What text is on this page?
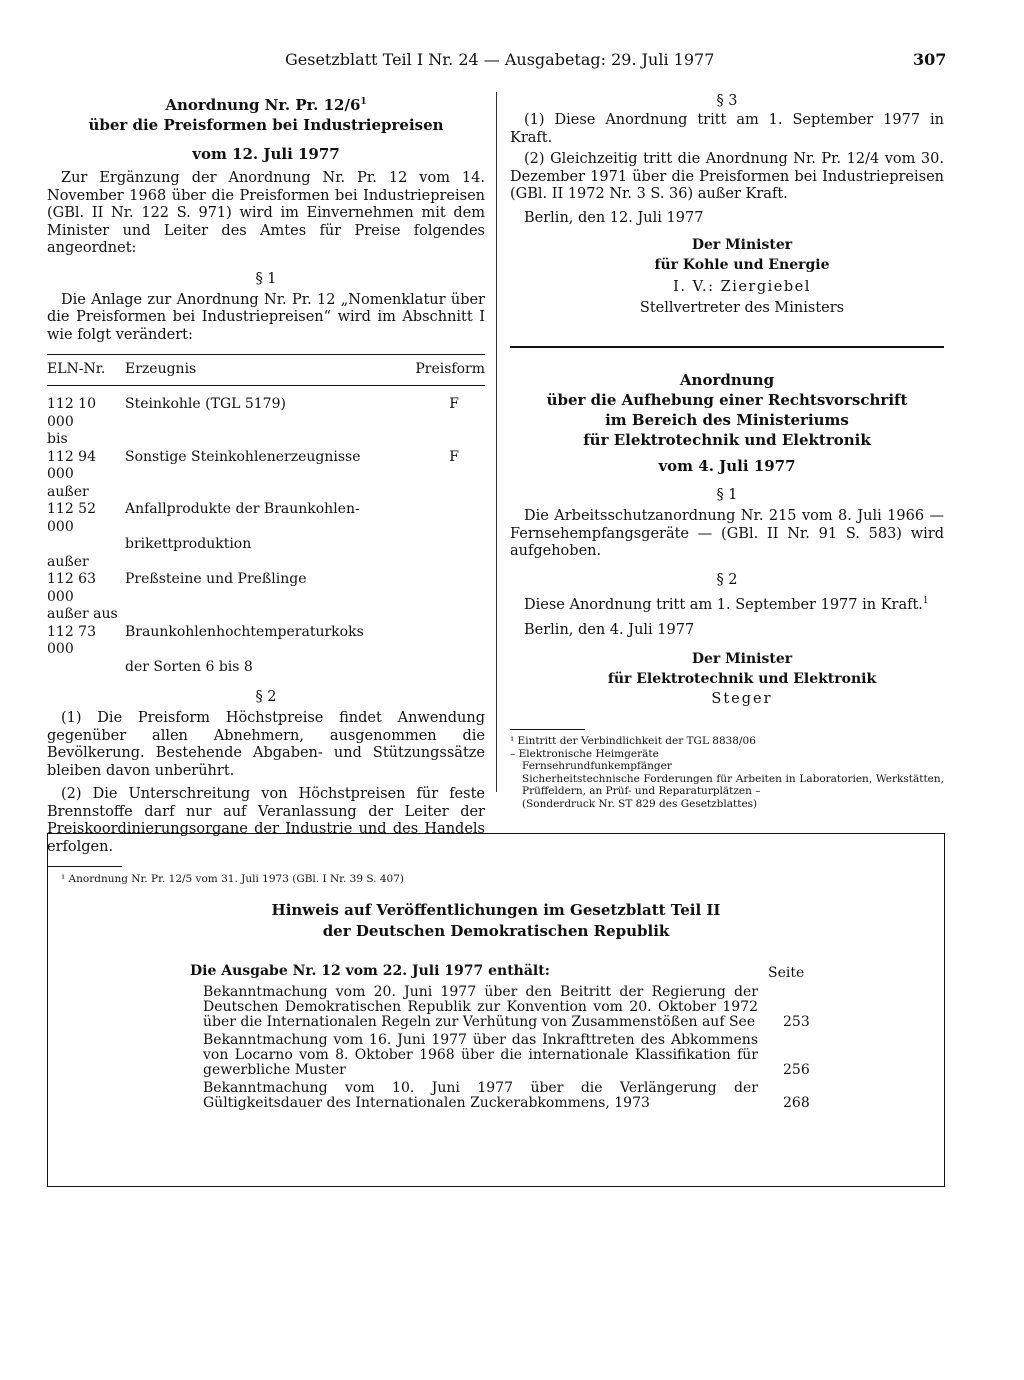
Gesetzblatt Teil I Nr. 24 — Ausgabetag: 29. Juli 1977	307
Anordnung Nr. Pr. $12/6^1$
über die Preisformen bei Industriepreisen
vom 12. Juli 1977

Zur Ergänzung der Anordnung Nr. Pr. 12 vom 14. November 1968 über die Preisformen bei Industriepreisen (GBl. II Nr. 122 S. 971) wird im Einvernehmen mit dem Minister und Leiter des Amtes für Preise folgendes angeordnet:

§ 1

Die Anlage zur Anordnung Nr. Pr. 12 „Nomenklatur über die Preisformen bei Industriepreisen“ wird im Abschnitt I wie folgt verändert:

ELN-Nr.	Erzeugnis	Preisform
112 10 000	Steinkohle (TGL 5179)	F
bis		
112 94 000	Sonstige Steinkohlenerzeugnisse	F
außer		
112 52 000	Anfallprodukte der Braunkohlen-	
	brikettproduktion	
außer		
112 63 000	Preßsteine und Preßlinge	
außer aus		
112 73 000	Braunkohlenhochtemperaturkoks	
	der Sorten 6 bis 8	
§ 2

(1) Die Preisform Höchstpreise findet Anwendung gegenüber allen Abnehmern, ausgenommen die Bevölkerung. Bestehende Abgaben- und Stützungssätze bleiben davon unberührt.

(2) Die Unterschreitung von Höchstpreisen für feste Brennstoffe darf nur auf Veranlassung der Leiter der Preiskoordinierungsorgane der Industrie und des Handels erfolgen.

¹ Anordnung Nr. Pr. 12/5 vom 31. Juli 1973 (GBl. I Nr. 39 S. 407)
§ 3

(1) Diese Anordnung tritt am 1. September 1977 in Kraft.

(2) Gleichzeitig tritt die Anordnung Nr. Pr. 12/4 vom 30. Dezember 1971 über die Preisformen bei Industriepreisen (GBl. II 1972 Nr. 3 S. 36) außer Kraft.

Berlin, den 12. Juli 1977

Der Minister
für Kohle und Energie
I. V.: Ziergiebel
Stellvertreter des Ministers
Anordnung
über die Aufhebung einer Rechtsvorschrift
im Bereich des Ministeriums
für Elektrotechnik und Elektronik
vom 4. Juli 1977
§ 1

Die Arbeitsschutzanordnung Nr. 215 vom 8. Juli 1966 — Fernsehempfangsgeräte — (GBl. II Nr. 91 S. 583) wird aufgehoben.

§ 2

Diese Anordnung tritt am 1. September 1977 in Kraft.$^1$

Berlin, den 4. Juli 1977

Der Minister
für Elektrotechnik und Elektronik
Steger
¹ Eintritt der Verbindlichkeit der TGL 8838/06
– Elektronische Heimgeräte
Fernsehrundfunkempfänger
Sicherheitstechnische Forderungen für Arbeiten in Laboratorien, Werkstätten, Prüffeldern, an Prüf- und Reparaturplätzen –
(Sonderdruck Nr. ST 829 des Gesetzblattes)
Hinweis auf Veröffentlichungen im Gesetzblatt Teil II
der Deutschen Demokratischen Republik
Die Ausgabe Nr. 12 vom 22. Juli 1977 enthält:	Seite
Bekanntmachung vom 20. Juni 1977 über den Beitritt der Regierung der Deutschen Demokratischen Republik zur Konvention vom 20. Oktober 1972 über die Internationalen Regeln zur Verhütung von Zusammenstößen auf See 253
Bekanntmachung vom 16. Juni 1977 über das Inkrafttreten des Abkommens von Locarno vom 8. Oktober 1968 über die internationale Klassifikation für gewerbliche Muster	256
Bekanntmachung vom 10. Juni 1977 über die Verlängerung der Gültigkeitsdauer des Internationalen Zuckerabkommens, 1973	268
